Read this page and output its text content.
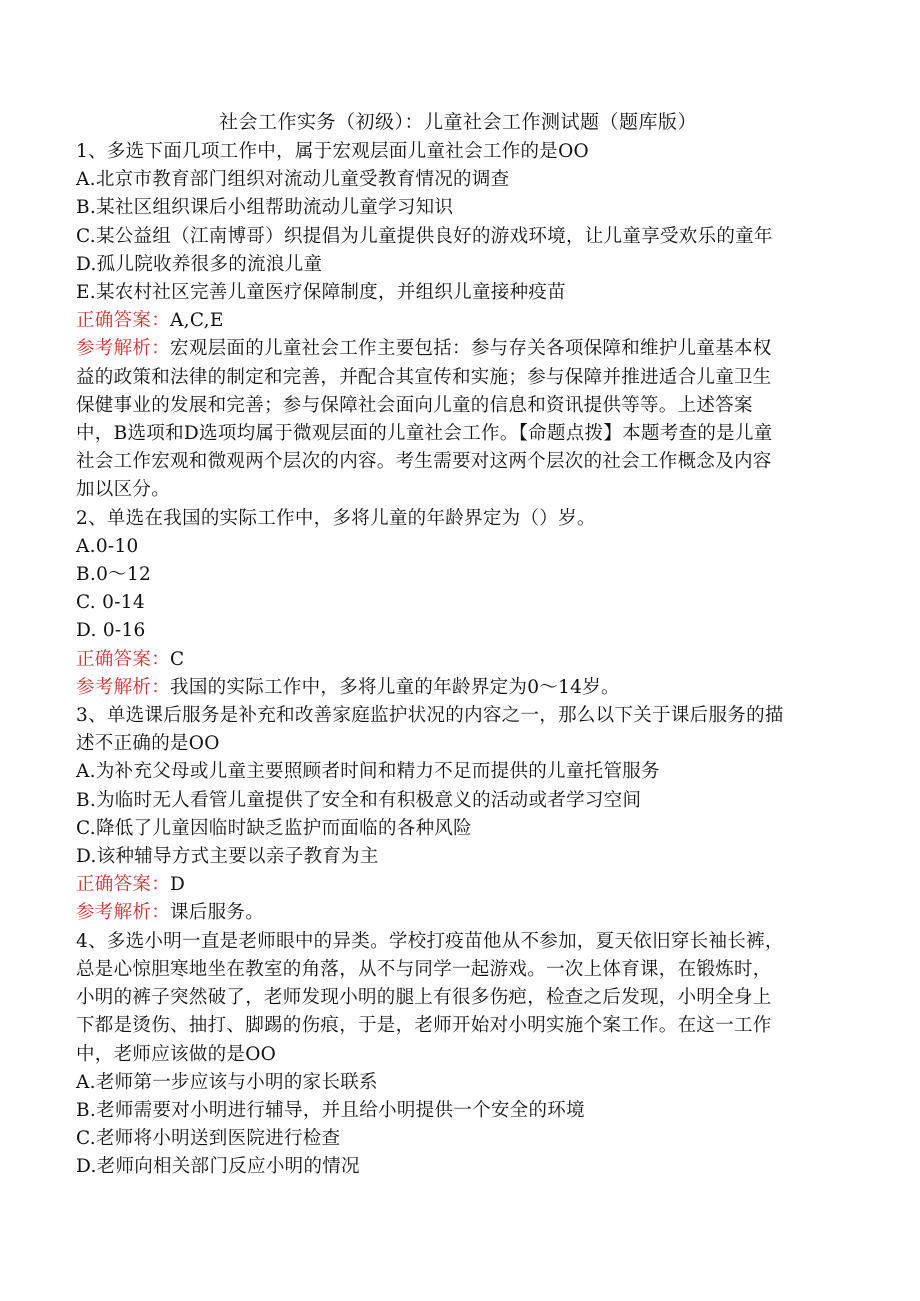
社会工作实务（初级）：儿童社会工作测试题（题库版）
1、多选下面几项工作中，属于宏观层面儿童社会工作的是OO
A.北京市教育部门组织对流动儿童受教育情况的调查
B.某社区组织课后小组帮助流动儿童学习知识
C.某公益组（江南博哥）织提倡为儿童提供良好的游戏环境，让儿童享受欢乐的童年
D.孤儿院收养很多的流浪儿童
E.某农村社区完善儿童医疗保障制度，并组织儿童接种疫苗
正确答案：A,C,E
参考解析：宏观层面的儿童社会工作主要包括：参与存关各项保障和维护儿童基本权
益的政策和法律的制定和完善，并配合其宣传和实施；参与保障并推进适合儿童卫生
保健事业的发展和完善；参与保障社会面向儿童的信息和资讯提供等等。上述答案
中，B选项和D选项均属于微观层面的儿童社会工作。【命题点拨】本题考查的是儿童
社会工作宏观和微观两个层次的内容。考生需要对这两个层次的社会工作概念及内容
加以区分。
2、单选在我国的实际工作中，多将儿童的年龄界定为（）岁。
A.0-10
B.0～12
C. 0-14
D. 0-16
正确答案：C
参考解析：我国的实际工作中，多将儿童的年龄界定为0～14岁。
3、单选课后服务是补充和改善家庭监护状况的内容之一，那么以下关于课后服务的描
述不正确的是OO
A.为补充父母或儿童主要照顾者时间和精力不足而提供的儿童托管服务
B.为临时无人看管儿童提供了安全和有积极意义的活动或者学习空间
C.降低了儿童因临时缺乏监护而面临的各种风险
D.该种辅导方式主要以亲子教育为主
正确答案：D
参考解析：课后服务。
4、多选小明一直是老师眼中的异类。学校打疫苗他从不参加，夏天依旧穿长袖长裤，
总是心惊胆寒地坐在教室的角落，从不与同学一起游戏。一次上体育课，在锻炼时，
小明的裤子突然破了，老师发现小明的腿上有很多伤疤，检查之后发现，小明全身上
下都是烫伤、抽打、脚踢的伤痕，于是，老师开始对小明实施个案工作。在这一工作
中，老师应该做的是OO
A.老师第一步应该与小明的家长联系
B.老师需要对小明进行辅导，并且给小明提供一个安全的环境
C.老师将小明送到医院进行检查
D.老师向相关部门反应小明的情况
